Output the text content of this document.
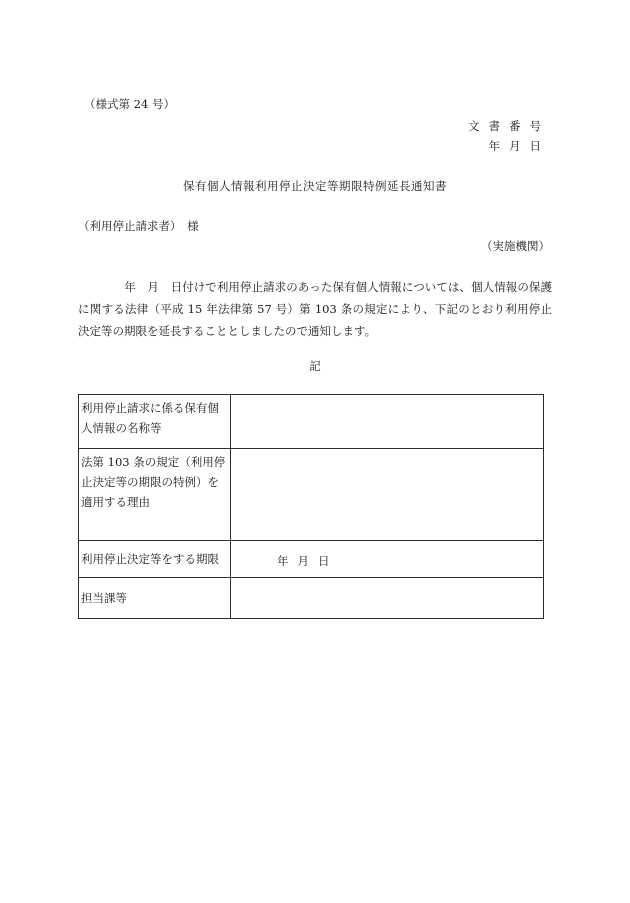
（様式第 24 号）
文書番号
年月日
保有個人情報利用停止決定等期限特例延長通知書
（利用停止請求者）　様
（実施機関）
　　　　年　月　日付けで利用停止請求のあった保有個人情報については、個人情報の保護に関する法律（平成 15 年法律第 57 号）第 103 条の規定により、下記のとおり利用停止決定等の期限を延長することとしましたので通知します。
記
利用停止請求に係る保有個人情報の名称等	
法第 103 条の規定（利用停止決定等の期限の特例）を適用する理由	
利用停止決定等をする期限	年月日
担当課等	
